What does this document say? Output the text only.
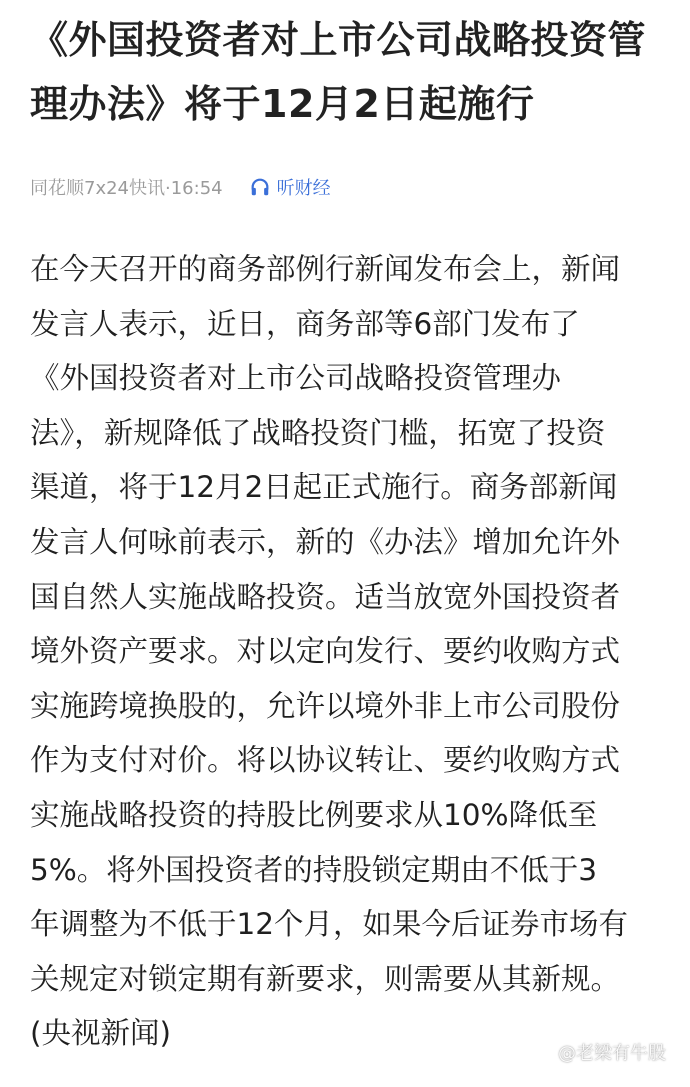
《外国投资者对上市公司战略投资管理办法》将于12月2日起施行
同花顺7x24快讯·16:54	听财经
在今天召开的商务部例行新闻发布会上，新闻
发言人表示，近日，商务部等6部门发布了
《外国投资者对上市公司战略投资管理办
法》，新规降低了战略投资门槛，拓宽了投资
渠道，将于12月2日起正式施行。商务部新闻
发言人何咏前表示，新的《办法》增加允许外
国自然人实施战略投资。适当放宽外国投资者
境外资产要求。对以定向发行、要约收购方式
实施跨境换股的，允许以境外非上市公司股份
作为支付对价。将以协议转让、要约收购方式
实施战略投资的持股比例要求从10%降低至
5%。将外国投资者的持股锁定期由不低于3
年调整为不低于12个月，如果今后证券市场有
关规定对锁定期有新要求，则需要从其新规。
(央视新闻)
@老梁有牛股
